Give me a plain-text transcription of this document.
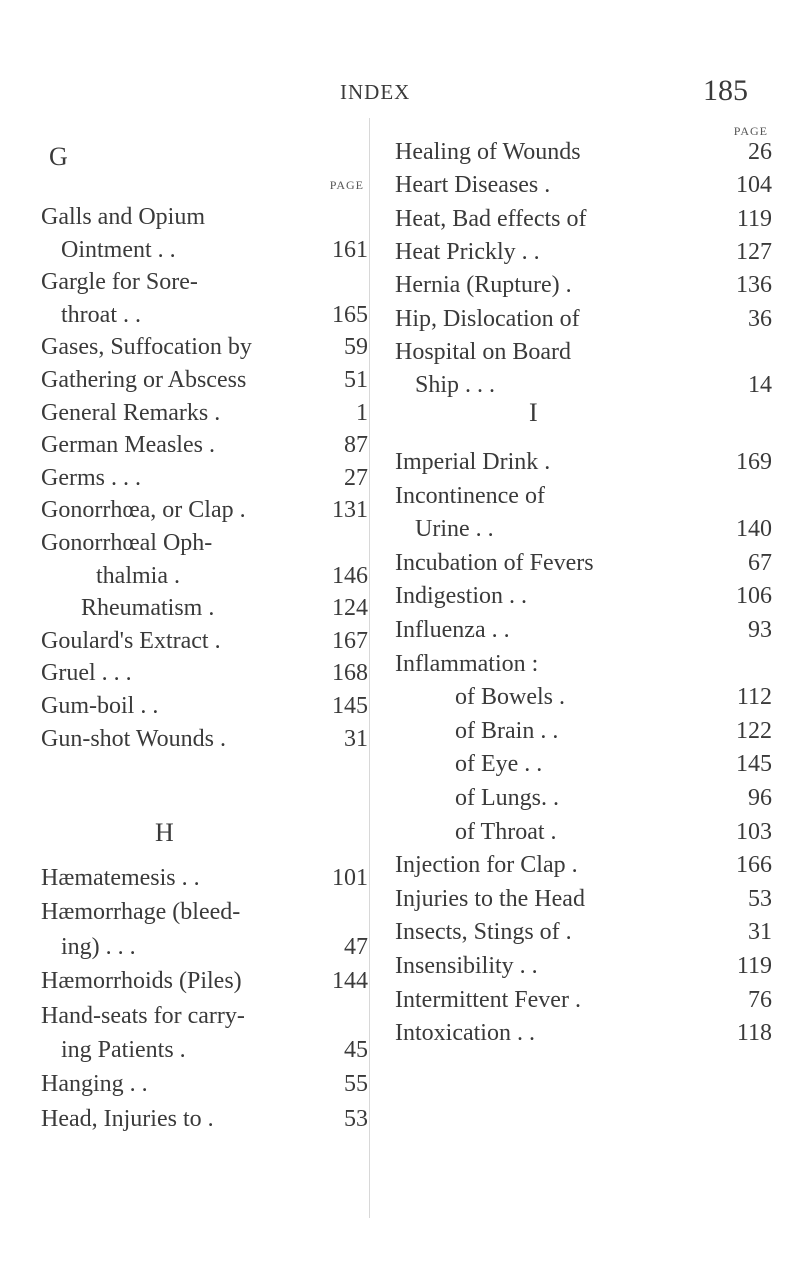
INDEX	185
G
PAGE
Galls and Opium
Ointment . .	161
Gargle for Sore-
throat . .	165
Gases, Suffocation by	59
Gathering or Abscess	51
General Remarks .	1
German Measles .	87
Germs . . .	27
Gonorrhœa, or Clap .	131
Gonorrhœal Oph-
thalmia .	146
Rheumatism .	124
Goulard's Extract .	167
Gruel . . .	168
Gum-boil . .	145
Gun-shot Wounds .	31
H
Hæmatemesis . .	101
Hæmorrhage (bleed-
ing) . . .	47
Hæmorrhoids (Piles)	144
Hand-seats for carry-
ing Patients .	45
Hanging . .	55
Head, Injuries to .	53
PAGE
Healing of Wounds	26
Heart Diseases .	104
Heat, Bad effects of	119
Heat Prickly . .	127
Hernia (Rupture) .	136
Hip, Dislocation of	36
Hospital on Board
Ship . . .	14
I
Imperial Drink .	169
Incontinence of
Urine . .	140
Incubation of Fevers	67
Indigestion . .	106
Influenza . .	93
Inflammation :
of Bowels .	112
of Brain . .	122
of Eye . .	145
of Lungs. .	96
of Throat .	103
Injection for Clap .	166
Injuries to the Head	53
Insects, Stings of .	31
Insensibility . .	119
Intermittent Fever .	76
Intoxication . .	118
